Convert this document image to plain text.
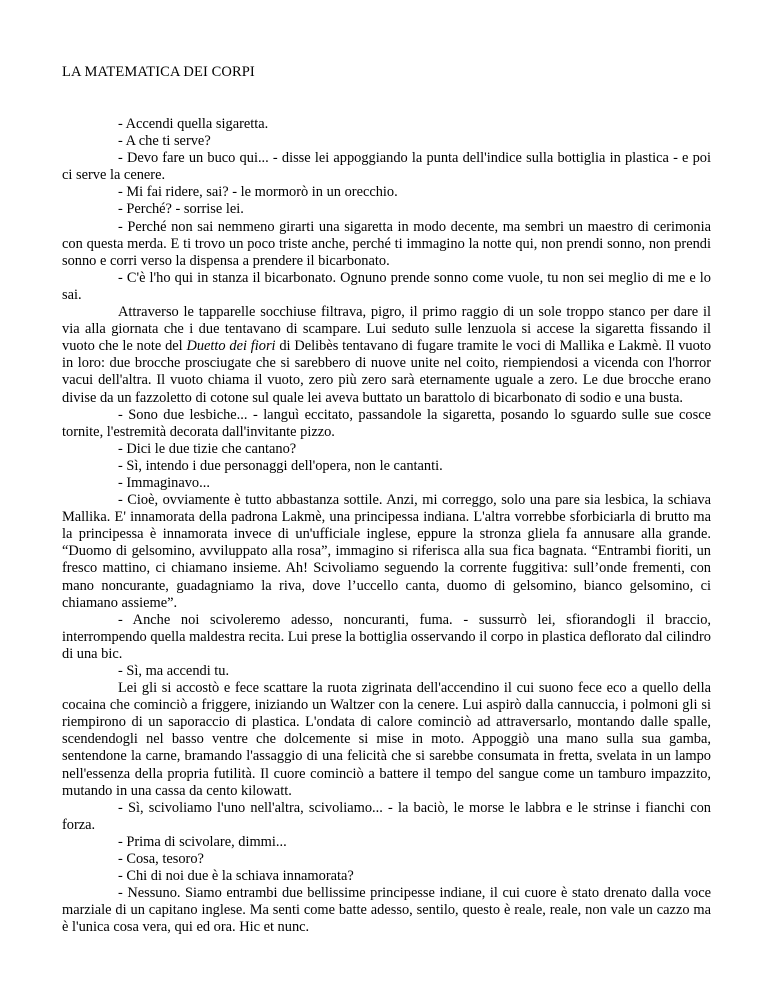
LA MATEMATICA DEI CORPI

- Accendi quella sigaretta.

- A che ti serve?

- Devo fare un buco qui... - disse lei appoggiando la punta dell'indice sulla bottiglia in plastica - e poi ci serve la cenere.

- Mi fai ridere, sai? - le mormorò in un orecchio.

- Perché? - sorrise lei.

- Perché non sai nemmeno girarti una sigaretta in modo decente, ma sembri un maestro di cerimonia con questa merda. E ti trovo un poco triste anche, perché ti immagino la notte qui, non prendi sonno, non prendi sonno e corri verso la dispensa a prendere il bicarbonato.

- C'è l'ho qui in stanza il bicarbonato. Ognuno prende sonno come vuole, tu non sei meglio di me e lo sai.

Attraverso le tapparelle socchiuse filtrava, pigro, il primo raggio di un sole troppo stanco per dare il via alla giornata che i due tentavano di scampare. Lui seduto sulle lenzuola si accese la sigaretta fissando il vuoto che le note del Duetto dei fiori di Delibès tentavano di fugare tramite le voci di Mallika e Lakmè. Il vuoto in loro: due brocche prosciugate che si sarebbero di nuove unite nel coito, riempiendosi a vicenda con l'horror vacui dell'altra. Il vuoto chiama il vuoto, zero più zero sarà eternamente uguale a zero. Le due brocche erano divise da un fazzoletto di cotone sul quale lei aveva buttato un barattolo di bicarbonato di sodio e una busta.

- Sono due lesbiche... - languì eccitato, passandole la sigaretta, posando lo sguardo sulle sue cosce tornite, l'estremità decorata dall'invitante pizzo.

- Dici le due tizie che cantano?

- Sì, intendo i due personaggi dell'opera, non le cantanti.

- Immaginavo...

- Cioè, ovviamente è tutto abbastanza sottile. Anzi, mi correggo, solo una pare sia lesbica, la schiava Mallika. E' innamorata della padrona Lakmè, una principessa indiana. L'altra vorrebbe sforbiciarla di brutto ma la principessa è innamorata invece di un'ufficiale inglese, eppure la stronza gliela fa annusare alla grande. “Duomo di gelsomino, avviluppato alla rosa”, immagino si riferisca alla sua fica bagnata. “Entrambi fioriti, un fresco mattino, ci chiamano insieme. Ah! Scivoliamo seguendo la corrente fuggitiva: sull’onde frementi, con mano noncurante, guadagniamo la riva, dove l’uccello canta, duomo di gelsomino, bianco gelsomino, ci chiamano assieme”.

- Anche noi scivoleremo adesso, noncuranti, fuma. - sussurrò lei, sfiorandogli il braccio, interrompendo quella maldestra recita. Lui prese la bottiglia osservando il corpo in plastica deflorato dal cilindro di una bic.

- Sì, ma accendi tu.

Lei gli si accostò e fece scattare la ruota zigrinata dell'accendino il cui suono fece eco a quello della cocaina che cominciò a friggere, iniziando un Waltzer con la cenere. Lui aspirò dalla cannuccia, i polmoni gli si riempirono di un saporaccio di plastica. L'ondata di calore cominciò ad attraversarlo, montando dalle spalle, scendendogli nel basso ventre che dolcemente si mise in moto. Appoggiò una mano sulla sua gamba, sentendone la carne, bramando l'assaggio di una felicità che si sarebbe consumata in fretta, svelata in un lampo nell'essenza della propria futilità. Il cuore cominciò a battere il tempo del sangue come un tamburo impazzito, mutando in una cassa da cento kilowatt.

- Sì, scivoliamo l'uno nell'altra, scivoliamo... - la baciò, le morse le labbra e le strinse i fianchi con forza.

- Prima di scivolare, dimmi...

- Cosa, tesoro?

- Chi di noi due è la schiava innamorata?

- Nessuno. Siamo entrambi due bellissime principesse indiane, il cui cuore è stato drenato dalla voce marziale di un capitano inglese. Ma senti come batte adesso, sentilo, questo è reale, reale, non vale un cazzo ma è l'unica cosa vera, qui ed ora. Hic et nunc.
